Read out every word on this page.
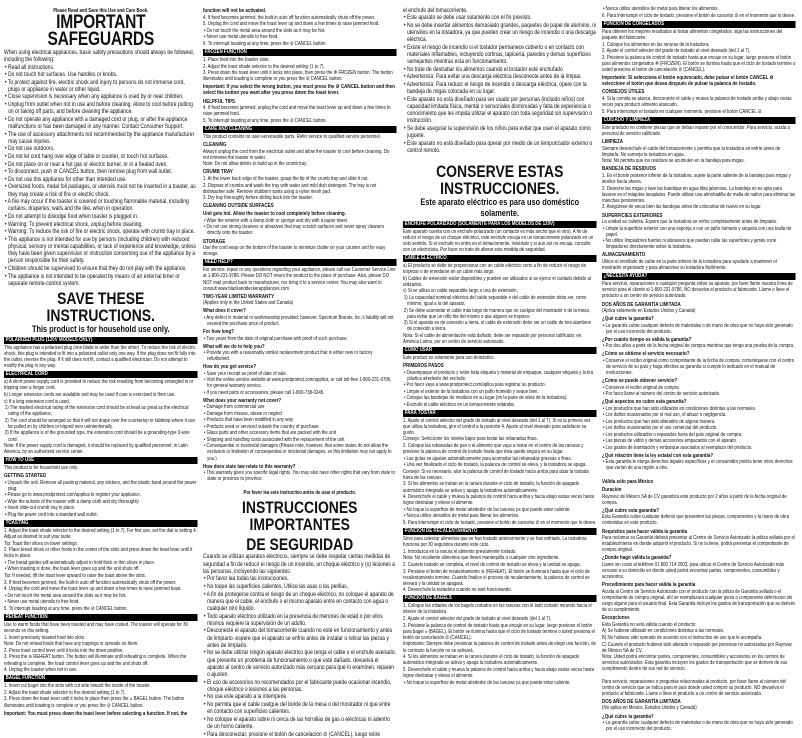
Please Read and Save this Use and Care Book.
IMPORTANT SAFEGUARDS
When using electrical appliances, basic safety precautions should always be followed, including the following:
• Read all instructions.
• Do not touch hot surfaces. Use handles or knobs.
• To protect against fire, electric shock and injury to persons do not immerse cord, plugs or appliance in water or other liquid.
• Close supervision is necessary when any appliance is used by or near children.
• Unplug from outlet when not in use and before cleaning. Allow to cool before putting on or taking off parts, and before cleaning the appliance.
• Do not operate any appliance with a damaged cord or plug, or after the appliance malfunctions or has been damaged in any manner. Contact Consumer Support.
• The use of accessory attachments not recommended by the appliance manufacturer may cause injuries.
• Do not use outdoors.
• Do not let cord hang over edge of table or counter, or touch hot surfaces.
• Do not place on or near a hot gas or electric burner, or in a heated oven.
• To disconnect, push ⊘ CANCEL button, then remove plug from wall outlet.
• Do not use this appliance for other than intended use.
• Oversized foods, metal foil packages, or utensils must not be inserted in a toaster, as they may create a risk of fire or electric shock.
• A fire may occur if the toaster is covered or touching flammable material, including curtains, draperies, walls and the like, when in operation.
• Do not attempt to dislodge food when toaster is plugged in.
• Warning: To prevent electrical shock, unplug before cleaning.
• Warning: To reduce the risk of fire or electric shock, operate with crumb tray in place.
• This appliance is not intended for use by persons (including children) with reduced physical, sensory or mental capabilities, or lack of experience and knowledge, unless they have been given supervision or instruction concerning use of the appliance by a person responsible for their safety.
• Children should be supervised to ensure that they do not play with the appliance.
• The appliance is not intended to be operated by means of an external timer or separate remote-control system.
SAVE THESE INSTRUCTIONS.
This product is for household use only.
POLARIZED PLUG (120V MODELS ONLY)
This appliance has a polarized plug (one blade is wider than the other). To reduce the risk of electric shock, this plug is intended to fit into a polarized outlet only one way. If the plug does not fit fully into the outlet, reverse the plug. If it still does not fit, contact a qualified electrician. Do not attempt to modify the plug in any way.
ELECTRICAL CORD
a) A short power-supply cord is provided to reduce the risk resulting from becoming entangled in or tripping over a longer cord.
b) Longer extension cords are available and may be used if care is exercised in their use.
c) If a long extension cord is used,
1) The marked electrical rating of the extension cord should be at least as great as the electrical rating of the appliance,
2) The cord should be arranged so that it will not drape over the countertop or tabletop where it can be pulled on by children or tripped over unintentionally.
3) If the appliance is of the grounded type, the extension cord should be a grounding-type 3-wire cord.
Note: If the power supply cord is damaged, it should be replaced by qualified personnel; in Latin America, by an authorized service center.
HOW TO USE
This product is for household use only.
GETTING STARTED
• Unpack the unit. Remove all packing material, any stickers, and the plastic band around the power plug.
• Please go to www.prodprotect.com/applica to register your appliance.
• Wipe the outside of the toaster with a damp cloth and dry thoroughly.
• Insert slide-out crumb tray in place.
• Plug the power cord into a standard wall outlet.
TOASTING
1. Adjust the toast shade selector to the desired setting (1 to 7). For first use, set the dial to setting 4. Adjust as desired to suit your taste.
Tip: Toast thin slices on lower settings.
2. Place bread slices or other foods in the center of the slots and press down the toast lever until it locks in place.
• The bread guides will automatically adjust to hold thick or thin slices in place.
• When toasting is done, the toast lever goes up and the unit shuts off.
Tip: If needed, lift the toast lever upward to raise the toast above the slots.
3. If food becomes jammed, the built-in auto off function automatically shuts off the power.
4. Unplug the cord and move the toast lever up and down a few times to raise jammed toast.
• Do not touch the metal area around the slots as it may be hot.
• Never use metal utensils to free food.
5. To interrupt toasting at any time, press the ⊘ CANCEL button.
REHEAT FUNCTION
Use to warm foods that have been toasted and may have cooled. The toaster will operate for 30 seconds on this setting.
1. Insert previously toasted food into slots.
Note: Do not reheat foods that have any toppings or spreads on them.
2. Press toast control lever until it locks into the down position.
3. Press the ≋ REHEAT button. The button will illuminate until reheating is complete. When the reheating is complete, the toast control lever goes up and the unit shuts off.
4. Unplug the toaster when not in use.
BAGEL FUNCTION
1. Insert cut bagel into the slots with cut side toward the inside of the toaster.
2. Adjust the toast shade selector to the desired setting (1 to 7).
3. Press down the toast lever until it locks in place then press the ◒ BAGEL button. The button illuminates until toasting is complete or you press the ⊘ CANCEL button.
Important: You must press down the toast lever before selecting a function. If not, the
function will not be activated.
4. If food becomes jammed, the built-in auto off function automatically shuts off the power.
5. Unplug the cord and move the toast lever up and down a few times to raise jammed food.
• Do not touch the metal area around the slots as it may be hot.
• Never use metal utensils to free food.
6. To interrupt toasting at any time, press the ⊘ CANCEL button.
FROZEN FUNCTION
1. Place food into the toaster slots.
2. Adjust the toast shade selector to the desired setting (1 to 7).
3. Press down the toast lever until it locks into place, then press the ❄ FROZEN button. The button illuminates until toasting is complete or you press the ⊘ CANCEL button.
Important: If you select the wrong button, you must press the ⊘ CANCEL button and then select the button you want after you press down the toast lever.
HELPFUL TIPS
4. If food becomes jammed, unplug the cord and move the toast lever up and down a few times to raise jammed food.
5. To interrupt toasting at any time, press the ⊘ CANCEL button.
CARE AND CLEANING
This product contains no user-serviceable parts. Refer service to qualified service personnel.
CLEANING
Always unplug the cord from the electrical outlet and allow the toaster to cool before cleaning. Do not immerse the toaster in water.
Note: Do not allow debris to build up in the crumb tray.
CRUMB TRAY
1. At the lower back edge of the toaster, grasp the tip of the crumb tray and slide it out.
2. Dispose of crumbs and wash the tray with water and mild dish detergent. The tray is not dishwasher safe. Remove stubborn spots using a nylon mesh pad.
3. Dry tray thoroughly before sliding back into the toaster.
CLEANING OUTSIDE SURFACES
Unit gets hot. Allow the toaster to cool completely before cleaning.
• Wipe the exterior with a damp cloth or sponge and dry with a paper towel.
• Do not use strong cleaners or abrasives that may scratch surfaces and never spray cleaners directly onto the toaster.
STORAGE
Use the cord wrap on the bottom of the toaster to minimize clutter on your counter and for easy storage.
NEED HELP?
For service, repair or any questions regarding your appliance, please call our Customer Service Line at 1-800-231-9786. Please DO NOT return the product to the place of purchase. Also, please DO NOT mail product back to manufacturer, nor bring it to a service center. You may also want to consult www.blackanddeckerappliances.com
TWO-YEAR LIMITED WARRANTY
(Applies only in the United States and Canada)
What does it cover?
• Any defect in material or workmanship provided; however, Spectrum Brands, Inc.'s liability will not exceed the purchase price of product.
For how long?
• Two years from the date of original purchase with proof of such purchase.
What will we do to help you?
• Provide you with a reasonably similar replacement product that is either new or factory refurbished.
How do you get service?
• Save your receipt as proof of date of sale.
• Visit the online service website at www.prodprotect.com/applica, or call toll-free 1-800-231-9786, for general warranty service.
• If you need parts or accessories, please call 1-800-738-0245.
What does your warranty not cover?
• Damage from commercial use
• Damage from misuse, abuse or neglect
• Products that have been modified in any way
• Products used or serviced outside the country of purchase
• Glass parts and other accessory items that are packed with the unit
• Shipping and handling costs associated with the replacement of the unit
• Consequential or incidental damages (Please note, however, that some states do not allow the exclusion or limitation of consequential or incidental damages, so this limitation may not apply to you.)
How does state law relate to this warranty?
• This warranty gives you specific legal rights. You may also have other rights that vary from state to state or province to province.
Por favor lea este instructivo antes de usar el producto.
INSTRUCCIONES IMPORTANTES
DE SEGURIDAD
Cuando se utilizan aparatos eléctricos, siempre se debe respetar ciertas medidas de seguridad a fin de reducir el riesgo de un incendio, un choque eléctrico y (o) lesiones a las personas, incluyendo las siguientes:
• Por favor lea todas las instrucciones.
• No toque las superficies calientes. Utilice las asas o las perillas.
• A fin de protegerse contra el riesgo de un choque eléctrico, no coloque el aparato de manera que el cable, el enchufe o el mismo aparato entre en contacto con agua o cualquier otro líquido.
• Todo aparato eléctrico utilizado en la presencia de menores de edad o por ellos mismos requiere la supervisión de un adulto.
• Desconecte el aparato del tomacorriente cuando no esté en funcionamiento y antes de limpiarlo. espere que el aparato se enfríe antes de instalar o retirar las piezas y antes de limpiarlo.
• No se debe utilizar ningún aparato eléctrico que tenga el cable o el enchufe averiado, que presente un problema de funcionamiento o que esté dañado. devuelva el aparato al centro de servicio autorizado más cercano para que lo examinen, reparen o ajusten.
• El uso de accesorios no recomendados por el fabricante puede ocasionar incendio, choque eléctrico o lesiones a las personas.
• No use este aparato a la intemperie.
• No permita que el cable cuelgue del borde de la mesa o del mostrador ni que entre en contacto con superficies calientes.
• No coloque el aparato sobre ni cerca de las hornillas de gas o eléctricas ni adentro de un horno caliente.
• Para desconectar, presione el botón de cancelación ⊘ (CANCEL), luego retire
el enchufe del tomacorriente.
• Este aparato se debe usar solamente con el fin previsto.
• No se debe insertar alimentos demasiado grandes, paquetes de papel de aluminio, ni utensilios en la tostadora, ya que pueden crear un riesgo de incendio o una descarga eléctrica.
• Existe el riesgo de incendio si el tostador permanece cubierto o en contacto con materiales inflamables, incluyendo cortinas, tapicería, paredes y demas superficies semejantes mientras esta en funcionamiento.
• No trate de destrabar los alimentos cuando el tostador esté enchufado
• Advertencia: Para evitar una descarga eléctrica desconecte antes de la limpiar.
• Advertencia: Para reducir el riesgo de incendio o descarga eléctrica, opere con la bandeja de migas colocada en su lugar.
• Este aparato no está diseñado para ser usado por personas (incluido niños) con capacidad limitada física, mental o sensoriales disminuidas y falta de experiencia o conocimiento que les impida utilizar el aparato con toda seguridad sin supervisión o instrucción.
• Se debe asegurar la supervisión de los niños para evitar que usen el aparato como juguete.
• Este aparato no está diseñado para operar por medio de un temporizador externo o control remoto.
CONSERVE ESTAS INSTRUCCIONES.
Este aparato eléctrico es para uso doméstico solamente.
ENCHUFE POLARIZADO (SOLAMENTE PARA LOS MODELOS DE 120V)
Este aparato cuenta con un enchufe polarizado (un contacto es más ancho que el otro). A fin de reducir el riesgo de un choque eléctrico, este enchufe encaja en un tomacorriente polarizado en un solo sentido. Si el enchufe no entra en el tomacorriente, inviértalo y si aun así no encaja, consulte con un electricista. Por favor no trate de alterar esta medida de seguridad.
CABLE ELÉCTRICO
a) El producto se debe de proporcionar con un cable eléctrico corto a fin de reducir el riesgo de tropezar o de enredarse en un cable más largo.
b) Cables de extensión están disponibles y pueden ser utilizados si se ejerce el cuidado debido al utilizarlos.
c) Si se utiliza un cable separable largo o una de extensión,
1) La capacidad nominal eléctrica del cable separable o del cable de extensión debe ser, como mínimo, igual a la del aparato,
2) Se debe acomodar el cable más largo de manera que no cuelgue del mostrador o de la mesa, para evitar que un niño tire del mismo o que alguien se tropiece.
3) Si el aparato es de conexión a tierra, el cable de extensión debe ser un cable de tres alambres de conexión a tierra.
Nota: Si el cable de alimentación está dañado, debe ser reparado por personal calificado; en América Latina, por un centro de servicio autorizado.
COMO USAR
Este product es solamente para uso doméstico.
PRIMEROS PASOS
• Desempaque el producto y retire toda etiqueta y material de empaque, cualquier etiqueta y la tira plástica alrededor del enchufe.
• Por favor vaya a www.prodprotect.com/aplica para registrar su producto.
• Limpie el exterior de la tostadora con un paño húmedo y seque bien.
• Coloque las bandejas de residuos en su lugar (en la parte de atrás de la tostadora).
• Enchufe el cable eléctrico en un tomacorriente estándar.
PARA TOSTAR
1. Ajuste el control selector del grado de tostado al nivel deseado (del 1 al 7). Si es la primera vez que utiliza la tostadora, gire el control a la posición 4. Ajuste al nivel deseado para satisfacer su gusto.
Consejo: Seleccione los niveles bajos para tostar las rebanadas finas.
2. Coloque las rebanadas de pan o el alimento que vaya a tostar en el centro de las ranuras y presione la palanca de control de tostado hasta que ésta quede segura en su lugar.
• Las guías se ajustan automáticamente para acomodar las rebanadas gruesas o finas.
• Una vez finalizado el ciclo de tostado, la palanca de control se eleva, y la tostadora se apaga.
Consejo: Si es necesario, alce la palanca de control de tostado hacia arriba para alzar la tostada fuera de las ranuras.
3. Si los alimentos se traban en la ranura durante el ciclo de tostado, la función de apagado automático integrada se activa y apaga la tostadora automáticamente.
4. Desenchufe el cable y mueva la palanca de control hacia arriba y hacia abajo varias veces hasta lograr destrabar y elevar el alimento.
• No toque la superficie de metal alrededor de las ranuras ya que puede estar caliente.
• Nunca utilice utensilios de metal para liberar los alimentos.
5. Para interrumpir el ciclo de tostado, presione el botón de cancelar ⊘ en el momento que lo desee.
FUNCIÓN DE RECALENTAMIENTO
Sirve para calentar alimentos que se han tostado anteriormente y se han enfriado. La tostadora funciona por 30 segundos durante este ciclo.
1. Introduzca en la ranura el alimento previamente tostado.
Nota: No recaliente alimentos que lleven mantequilla o cualquier otro ingrediente.
2. Cuando tostado se completa, el nivel de control de tostado se eleva y la unidad se apaga.
3. Presione el botón de recalentamiento ≋ (REHEAT). El botón se iluminará hasta que el ciclo de recalentamiento termine. Cuando finalice el proceso de recalentamiento, la palanca de control se elevará y la unidad se apagará.
4. Desenchufe la tostadora cuando no esté funcionando.
FUNCIÓN DE BAGELS
1. Coloque las mitades de los bagels cortados en las ranuras con el lado cortado mirando hacia el interior de la tostadora.
2. Ajuste el control selector del grado de tostado al nivel deseado (del 1 al 7).
3. Presione la palanca de control de tostado hasta que encaje en su lugar, luego presione el botón para bagel ◒ (BAGEL). El botón se ilumina hasta que el ciclo de tostado termine o usted presiona el botón de cancelación ⊘ (CANCEL).
Importante: Siempre debe presionar la palanca de control de tostado antes de elegir una función, de lo contrario la función no se activará.
4. Si los alimentos se traban en la ranura durante el ciclo de tostado, la función de apagado automático integrada se activa y apaga la tostadora automáticamente.
5. Desenchufe el cable y mueva la palanca de control hacia arriba y hacia abajo varias veces hasta lograr destrabar y elevar el alimento.
• No toque la superficie de metal alrededor de las ranuras ya que puede estar caliente.
• Nunca utilice utensilios de metal para liberar los alimentos.
6. Para interrumpir el ciclo de tostado, presione el botón de cancelar ⊘ en el momento que lo desee.
FUNCIÓN DE CONGELADOS
Para obtener los mejores resultados al tostar alimentos congelados, siga las instrucciones del paquete del fabricante.
1. Coloque los alimentos en las ranuras de la tostadora.
2. Ajuste el control selector del grado de tostado al nivel deseado (del 1 al 7).
3. Presione la palanca de control de tostado hasta que encaje en su lugar, luego presione el botón para alimentos congelados ❄ (FROZEN). El botón se ilumina hasta que el ciclo de tostado termine o usted presiona el botón de cancelación ⊘ (CANCEL).
Importante: Si selecciona el botón equivocado, debe pulsar el botón CANCEL ⊘ seleccione el botón que desea después de pulsar la palanca de tostado.
CONSEJOS ÚTILES
4. Si la comida se atasca, desconecte el cable y mueva la palanca de tostado arriba y abajo varias veces para producir alimento atascado.
5. Para interrumpir el tostado en cualquier momento, presione el botón CANCEL ⊘
CUIDADO Y LIMPIEZA
Este producto no contiene piezas que se deban reparar por el consumidor. Para servicio, acuda a personal de servicio calificado.
LIMPIEZA
Siempre desenchufe el cable del tomacorriente y permita que la tostadora se enfríe antes de limpiarla. No sumerja la tostadora en agua.
Nota: No permita que los residuos se acumulen en la bandeja para migas.
BANDEJA DE RESIDUOS
1. En el borde posterior inferior de la tostadora, sujete la parte saliente de la bandeja para migas y deslice hacia afuera.
2. Deseche las migas y lave las bandejas en agua tibia jabonosa. La bandeja no es apta para lavarse en el máquina lavaplatos. Puede utilizar una almohadilla de malla de nailon para eliminar las manchas persistentes.
3. Asegúrese de secar bien las bandejas antes de colocarlas de nuevo en su lugar.
SUPERFICIES EXTERIORES
La unidad se calienta. Espere que la tostadora se enfríe completamente antes de limpiarla.
• Limpie la superficie exterior con una esponja o con un paño húmedo y séquela con una toalla de papel.
• No utilice limpiadores fuertes ni abrasivos que puedan rallar las superficies y jamás rocíe limpiadores directamente sobre la tostadora.
ALMACENAMIENTO
Utilice el enrollado de cable en la parte inferior de la tostadora para ayudarle a mantener el mostrador organizado y para almacenar su tostadora fácilmente.
¿NECESITA AYUDA?
Para servicio, reparaciones o cualquier pregunta sobre su aparato, por favor llame nuestra línea de servicio para el cliente al 1-800-231-9786. NO devuelva el producto al fabricante. Llame o lleve el producto a un centro de servicio autorizado.
DOS AÑOS DE GARANTÍA LIMITADA
(Aplica solamente en Estados Unidos y Canadá)
¿Qué cubre la garantía?
• La garantía cubre cualquier defecto de materiales o de mano de obra que no haya sido generado por el uso incorrecto del producto.
¿Por cuánto tiempo es válida la garantía?
• Por dos años a partir de la fecha original de compra mientras que tenga una prueba de la compra.
¿Cómo se obtiene el servicio necesario?
• Conserve el recibo original como comprobante de la fecha de compra, comuníquese con el centro de servicio de su país y haga efectiva su garantía si cumple lo indicado en el manual de instrucciones.
¿Cómo se puede obtener servicio?
• Conserve el recibo original de compra.
• Por favor llame al número del centro de servicio autorizado.
¿Qué aspectos no cubre esta garantía?
• Los productos que han sido utilizados en condiciones distintas a las normales.
• Los daños ocasionados por el mal uso, el abuso o negligencia.
• Los productos que han sido alterados de alguna manera.
• Los daños ocasionados por el uso comercial del producto.
• Los productos utilizados o reparados fuera del país original de compra.
• Las piezas de vidrio y demás accesorios empacados con el aparato.
• Los gastos de tramitación y embarque asociados al reemplazo del producto.
¿Qué relación tiene la ley estatal con esta garantía?
• Esta garantía le otorga derechos legales específicos y el consumidor podría tener otros derechos que varían de una región a otra.
Válida sólo para México
Duración
Rayovac de México SA de CV garantiza este producto por 2 años a partir de la fecha original de compra.
¿Qué cubre esta garantía?
Esta Garantía cubre cualquier defecto que presenten las piezas, componentes y la mano de obra contenidas en este producto.
Requisitos para hacer válida la garantía
Para reclamar su Garantía deberá presentar al Centro de Servicio Autorizado la póliza sellada por el establecimiento en donde adquirió el producto. Si no la tiene, podrá presentar el comprobante de compra original.
¿Donde hago válida la garantía?
Llame sin costo al teléfono 01 800 714 2503, para ubicar el Centro de Servicio Autorizado más cercano a su domicilio en donde usted podrá encontrar partes, componentes, consumibles y accesorios.
Procedimiento para hacer válida la garantía
Acuda al Centro de Servicio Autorizado con el producto con la póliza de Garantía sellada o el comprobante de compra original, ahí se reemplazará cualquier pieza o componente defectuoso sin cargo alguno para el usuario final. Esta Garantía incluye los gastos de transportación que se deriven de su cumplimiento.
Excepciones
Esta Garantía no será válida cuando el producto:
A) Se hubiese utilizado en condiciones distintas a las normales.
B) No hubiese sido operado de acuerdo con el instructivo de uso que le acompaña.
C) Cuando el producto hubiese sido alterado o reparado por personas no autorizadas por Rayovac de México SA de CV.
Nota: Usted podrá encontrar partes, componentes, consumibles y accesorios en los centros de servicios autorizados. Esta garantía incluyen los gastos de transportación que se deriven de sus cumplimiento dentro de sus red de servicio.
Para servicio, reparaciones o preguntas relacionadas al producto, por favor llame al número del centro de servicio que se indica para el país donde usted compró su producto. NO devuelva el producto al fabricante. Llame o lleve el producto a un centro de servicio autorizado.
DOS AÑOS DE GARANTÍA LIMITADA
(No aplica en México, Estados Unidos y Canadá)
¿Qué cubre la garantía?
• La garantía cubre cualquier defecto de materiales o de mano de obra que no haya sido generado por el uso incorrecto del producto.
